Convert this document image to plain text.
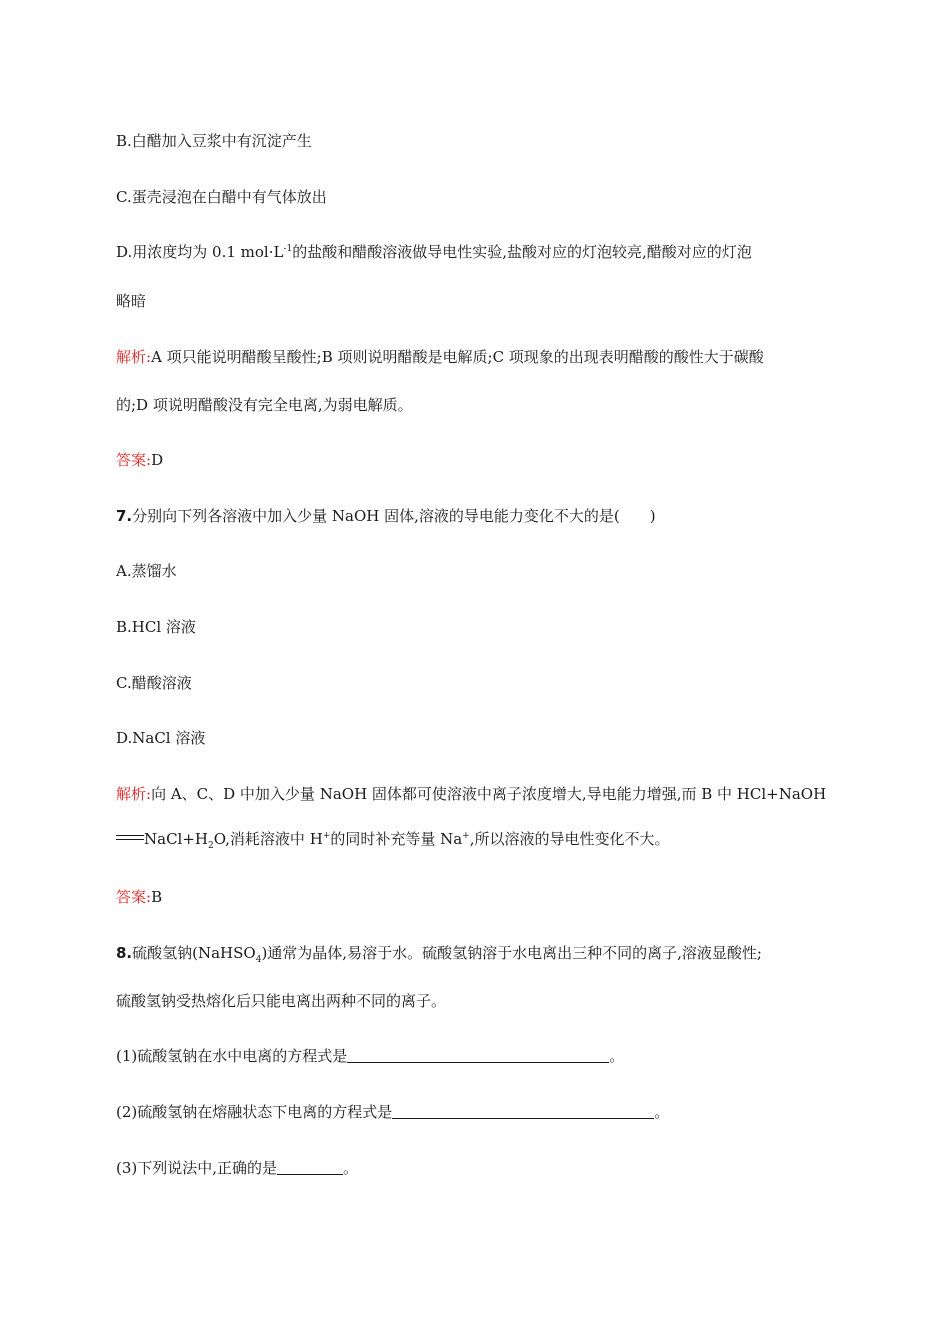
B.白醋加入豆浆中有沉淀产生
C.蛋壳浸泡在白醋中有气体放出
D.用浓度均为 0.1 $mol\cdot L^{-1}$的盐酸和醋酸溶液做导电性实验,盐酸对应的灯泡较亮,醋酸对应的灯泡
略暗
解析:A 项只能说明醋酸呈酸性;B 项则说明醋酸是电解质;C 项现象的出现表明醋酸的酸性大于碳酸
的;D 项说明醋酸没有完全电离,为弱电解质。
答案:D
7.分别向下列各溶液中加入少量 NaOH 固体,溶液的导电能力变化不大的是(　　)
A.蒸馏水
B.HCl 溶液
C.醋酸溶液
D.NaCl 溶液
解析:向 A、C、D 中加入少量 NaOH 固体都可使溶液中离子浓度增大,导电能力增强,而 B 中 HCl+NaOH
$NaCl+H_2O$,消耗溶液中 H+的同时补充等量 Na+,所以溶液的导电性变化不大。
答案:B
8.硫酸氢钠(NaHSO$_4$)通常为晶体,易溶于水。硫酸氢钠溶于水电离出三种不同的离子,溶液显酸性;
硫酸氢钠受热熔化后只能电离出两种不同的离子。
(1)硫酸氢钠在水中电离的方程式是	。
(2)硫酸氢钠在熔融状态下电离的方程式是	。
(3)下列说法中,正确的是	。
